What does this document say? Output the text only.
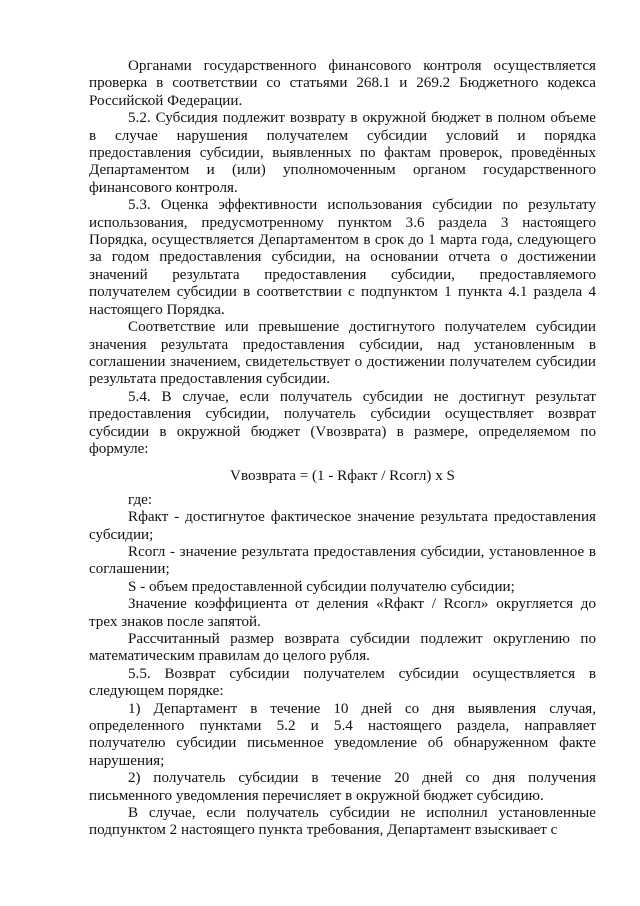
Органами государственного финансового контроля осуществляется проверка в соответствии со статьями 268.1 и 269.2 Бюджетного кодекса Российской Федерации.

5.2. Субсидия подлежит возврату в окружной бюджет в полном объеме в случае нарушения получателем субсидии условий и порядка предоставления субсидии, выявленных по фактам проверок, проведённых Департаментом и (или) уполномоченным органом государственного финансового контроля.

5.3. Оценка эффективности использования субсидии по результату использования, предусмотренному пунктом 3.6 раздела 3 настоящего Порядка, осуществляется Департаментом в срок до 1 марта года, следующего за годом предоставления субсидии, на основании отчета о достижении значений результата предоставления субсидии, предоставляемого получателем субсидии в соответствии с подпунктом 1 пункта 4.1 раздела 4 настоящего Порядка.

Соответствие или превышение достигнутого получателем субсидии значения результата предоставления субсидии, над установленным в соглашении значением, свидетельствует о достижении получателем субсидии результата предоставления субсидии.

5.4. В случае, если получатель субсидии не достигнут результат предоставления субсидии, получатель субсидии осуществляет возврат субсидии в окружной бюджет (Vвозврата) в размере, определяемом по формуле:

Vвозврата = (1 - Rфакт / Rсогл) x S

где:

Rфакт - достигнутое фактическое значение результата предоставления субсидии;

Rсогл - значение результата предоставления субсидии, установленное в соглашении;

S - объем предоставленной субсидии получателю субсидии;

Значение коэффициента от деления «Rфакт / Rсогл» округляется до трех знаков после запятой.

Рассчитанный размер возврата субсидии подлежит округлению по математическим правилам до целого рубля.

5.5. Возврат субсидии получателем субсидии осуществляется в следующем порядке:

1) Департамент в течение 10 дней со дня выявления случая, определенного пунктами 5.2 и 5.4 настоящего раздела, направляет получателю субсидии письменное уведомление об обнаруженном факте нарушения;

2) получатель субсидии в течение 20 дней со дня получения письменного уведомления перечисляет в окружной бюджет субсидию.

В случае, если получатель субсидии не исполнил установленные подпунктом 2 настоящего пункта требования, Департамент взыскивает с
